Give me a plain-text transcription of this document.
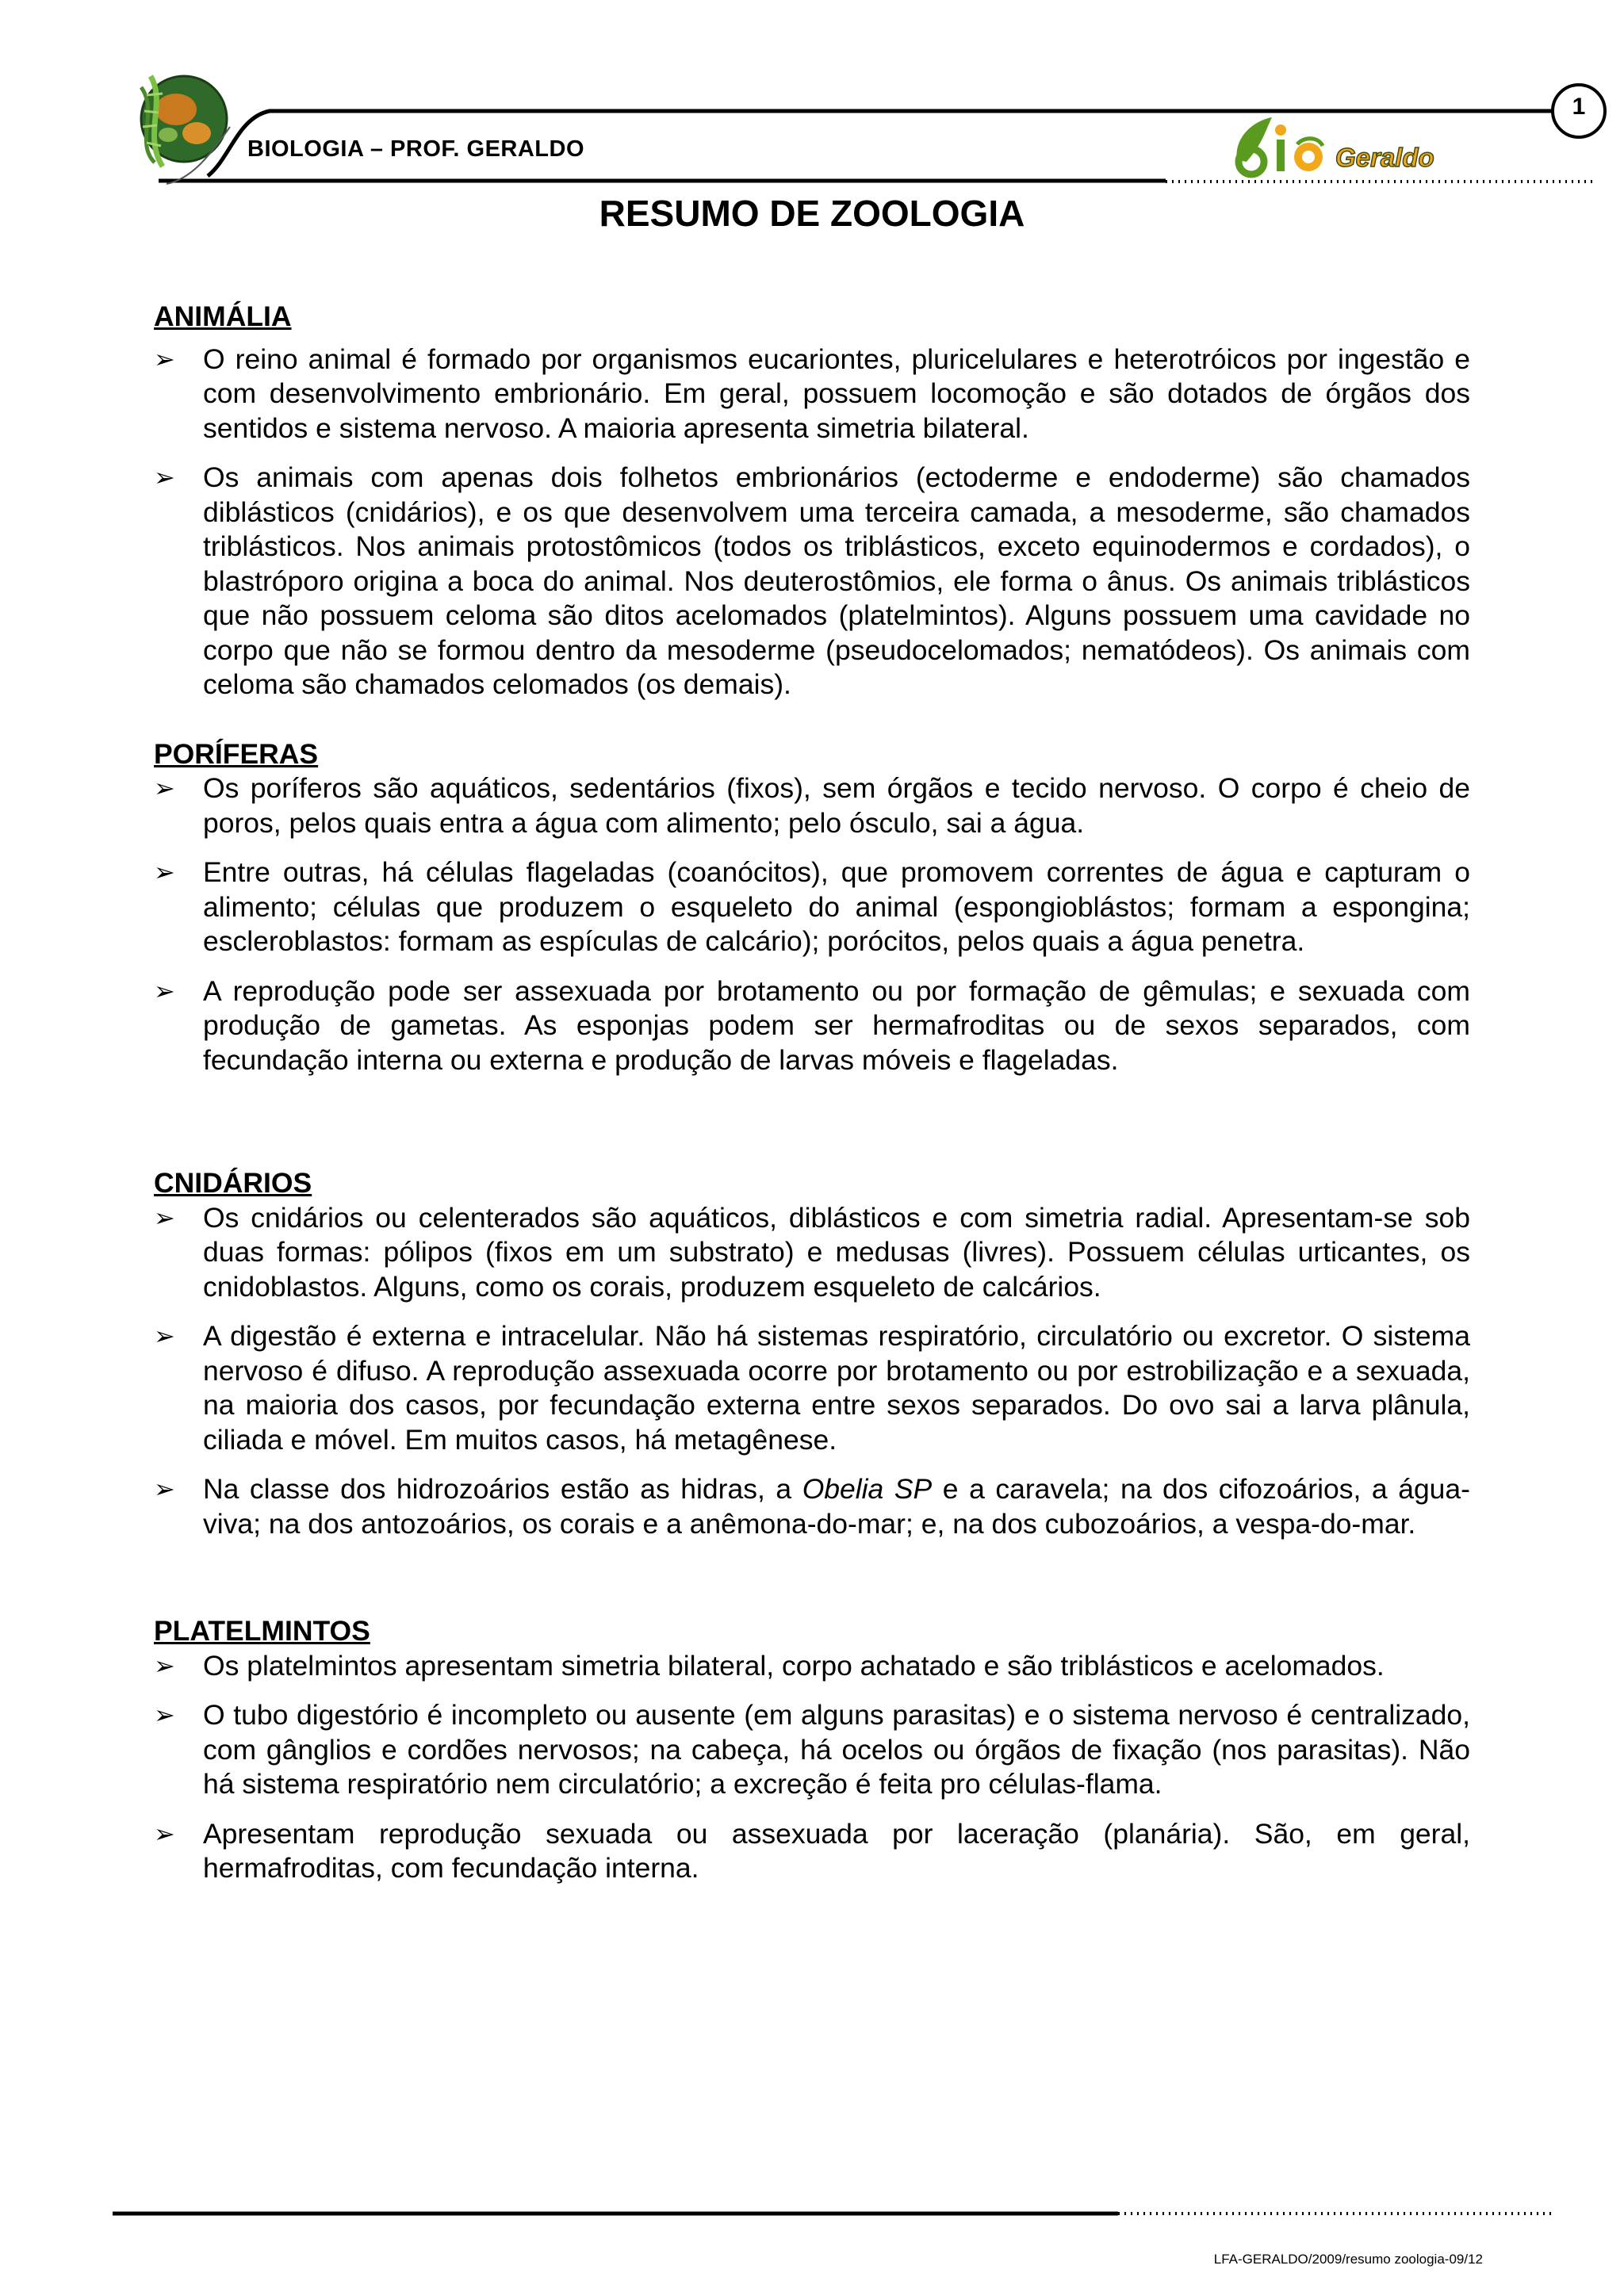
BIOLOGIA – PROF. GERALDO
1
Geraldo
RESUMO DE ZOOLOGIA

ANIMÁLIA

➢ O reino animal é formado por organismos eucariontes, pluricelulares e heterotróicos por ingestão e com desenvolvimento embrionário. Em geral, possuem locomoção e são dotados de órgãos dos sentidos e sistema nervoso. A maioria apresenta simetria bilateral.

➢ Os animais com apenas dois folhetos embrionários (ectoderme e endoderme) são chamados diblásticos (cnidários), e os que desenvolvem uma terceira camada, a mesoderme, são chamados triblásticos. Nos animais protostômicos (todos os triblásticos, exceto equinodermos e cordados), o blastróporo origina a boca do animal. Nos deuterostômios, ele forma o ânus. Os animais triblásticos que não possuem celoma são ditos acelomados (platelmintos). Alguns possuem uma cavidade no corpo que não se formou dentro da mesoderme (pseudocelomados; nematódeos). Os animais com celoma são chamados celomados (os demais).

PORÍFERAS

➢ Os poríferos são aquáticos, sedentários (fixos), sem órgãos e tecido nervoso. O corpo é cheio de poros, pelos quais entra a água com alimento; pelo ósculo, sai a água.

➢ Entre outras, há células flageladas (coanócitos), que promovem correntes de água e capturam o alimento; células que produzem o esqueleto do animal (espongioblástos; formam a espongina; escleroblastos: formam as espículas de calcário); porócitos, pelos quais a água penetra.

➢ A reprodução pode ser assexuada por brotamento ou por formação de gêmulas; e sexuada com produção de gametas. As esponjas podem ser hermafroditas ou de sexos separados, com fecundação interna ou externa e produção de larvas móveis e flageladas.

CNIDÁRIOS

➢ Os cnidários ou celenterados são aquáticos, diblásticos e com simetria radial. Apresentam-se sob duas formas: pólipos (fixos em um substrato) e medusas (livres). Possuem células urticantes, os cnidoblastos. Alguns, como os corais, produzem esqueleto de calcários.

➢ A digestão é externa e intracelular. Não há sistemas respiratório, circulatório ou excretor. O sistema nervoso é difuso. A reprodução assexuada ocorre por brotamento ou por estrobilização e a sexuada, na maioria dos casos, por fecundação externa entre sexos separados. Do ovo sai a larva plânula, ciliada e móvel. Em muitos casos, há metagênese.

➢ Na classe dos hidrozoários estão as hidras, a Obelia SP e a caravela; na dos cifozoários, a água-viva; na dos antozoários, os corais e a anêmona-do-mar; e, na dos cubozoários, a vespa-do-mar.

PLATELMINTOS

➢ Os platelmintos apresentam simetria bilateral, corpo achatado e são triblásticos e acelomados.

➢ O tubo digestório é incompleto ou ausente (em alguns parasitas) e o sistema nervoso é centralizado, com gânglios e cordões nervosos; na cabeça, há ocelos ou órgãos de fixação (nos parasitas). Não há sistema respiratório nem circulatório; a excreção é feita pro células-flama.

➢ Apresentam reprodução sexuada ou assexuada por laceração (planária). São, em geral, hermafroditas, com fecundação interna.

LFA-GERALDO/2009/resumo zoologia-09/12
